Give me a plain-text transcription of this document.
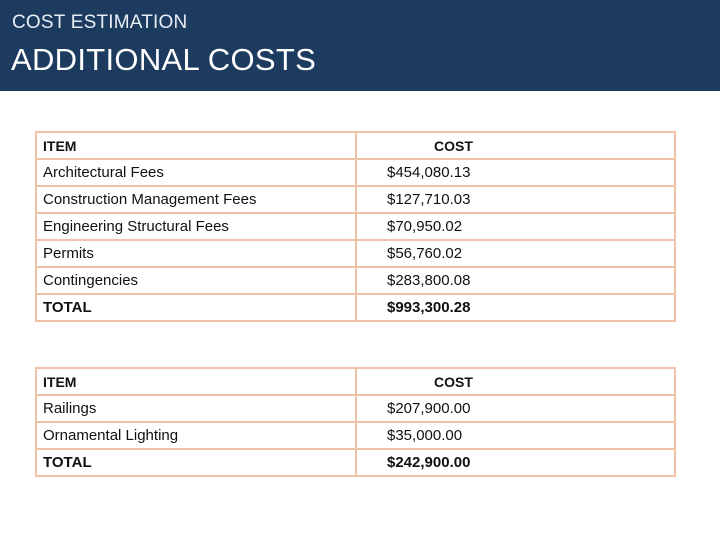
COST ESTIMATION
ADDITIONAL COSTS
ITEM	COST
Architectural Fees	$454,080.13
Construction Management Fees	$127,710.03
Engineering Structural Fees	$70,950.02
Permits	$56,760.02
Contingencies	$283,800.08
TOTAL	$993,300.28
ITEM	COST
Railings	$207,900.00
Ornamental Lighting	$35,000.00
TOTAL	$242,900.00
